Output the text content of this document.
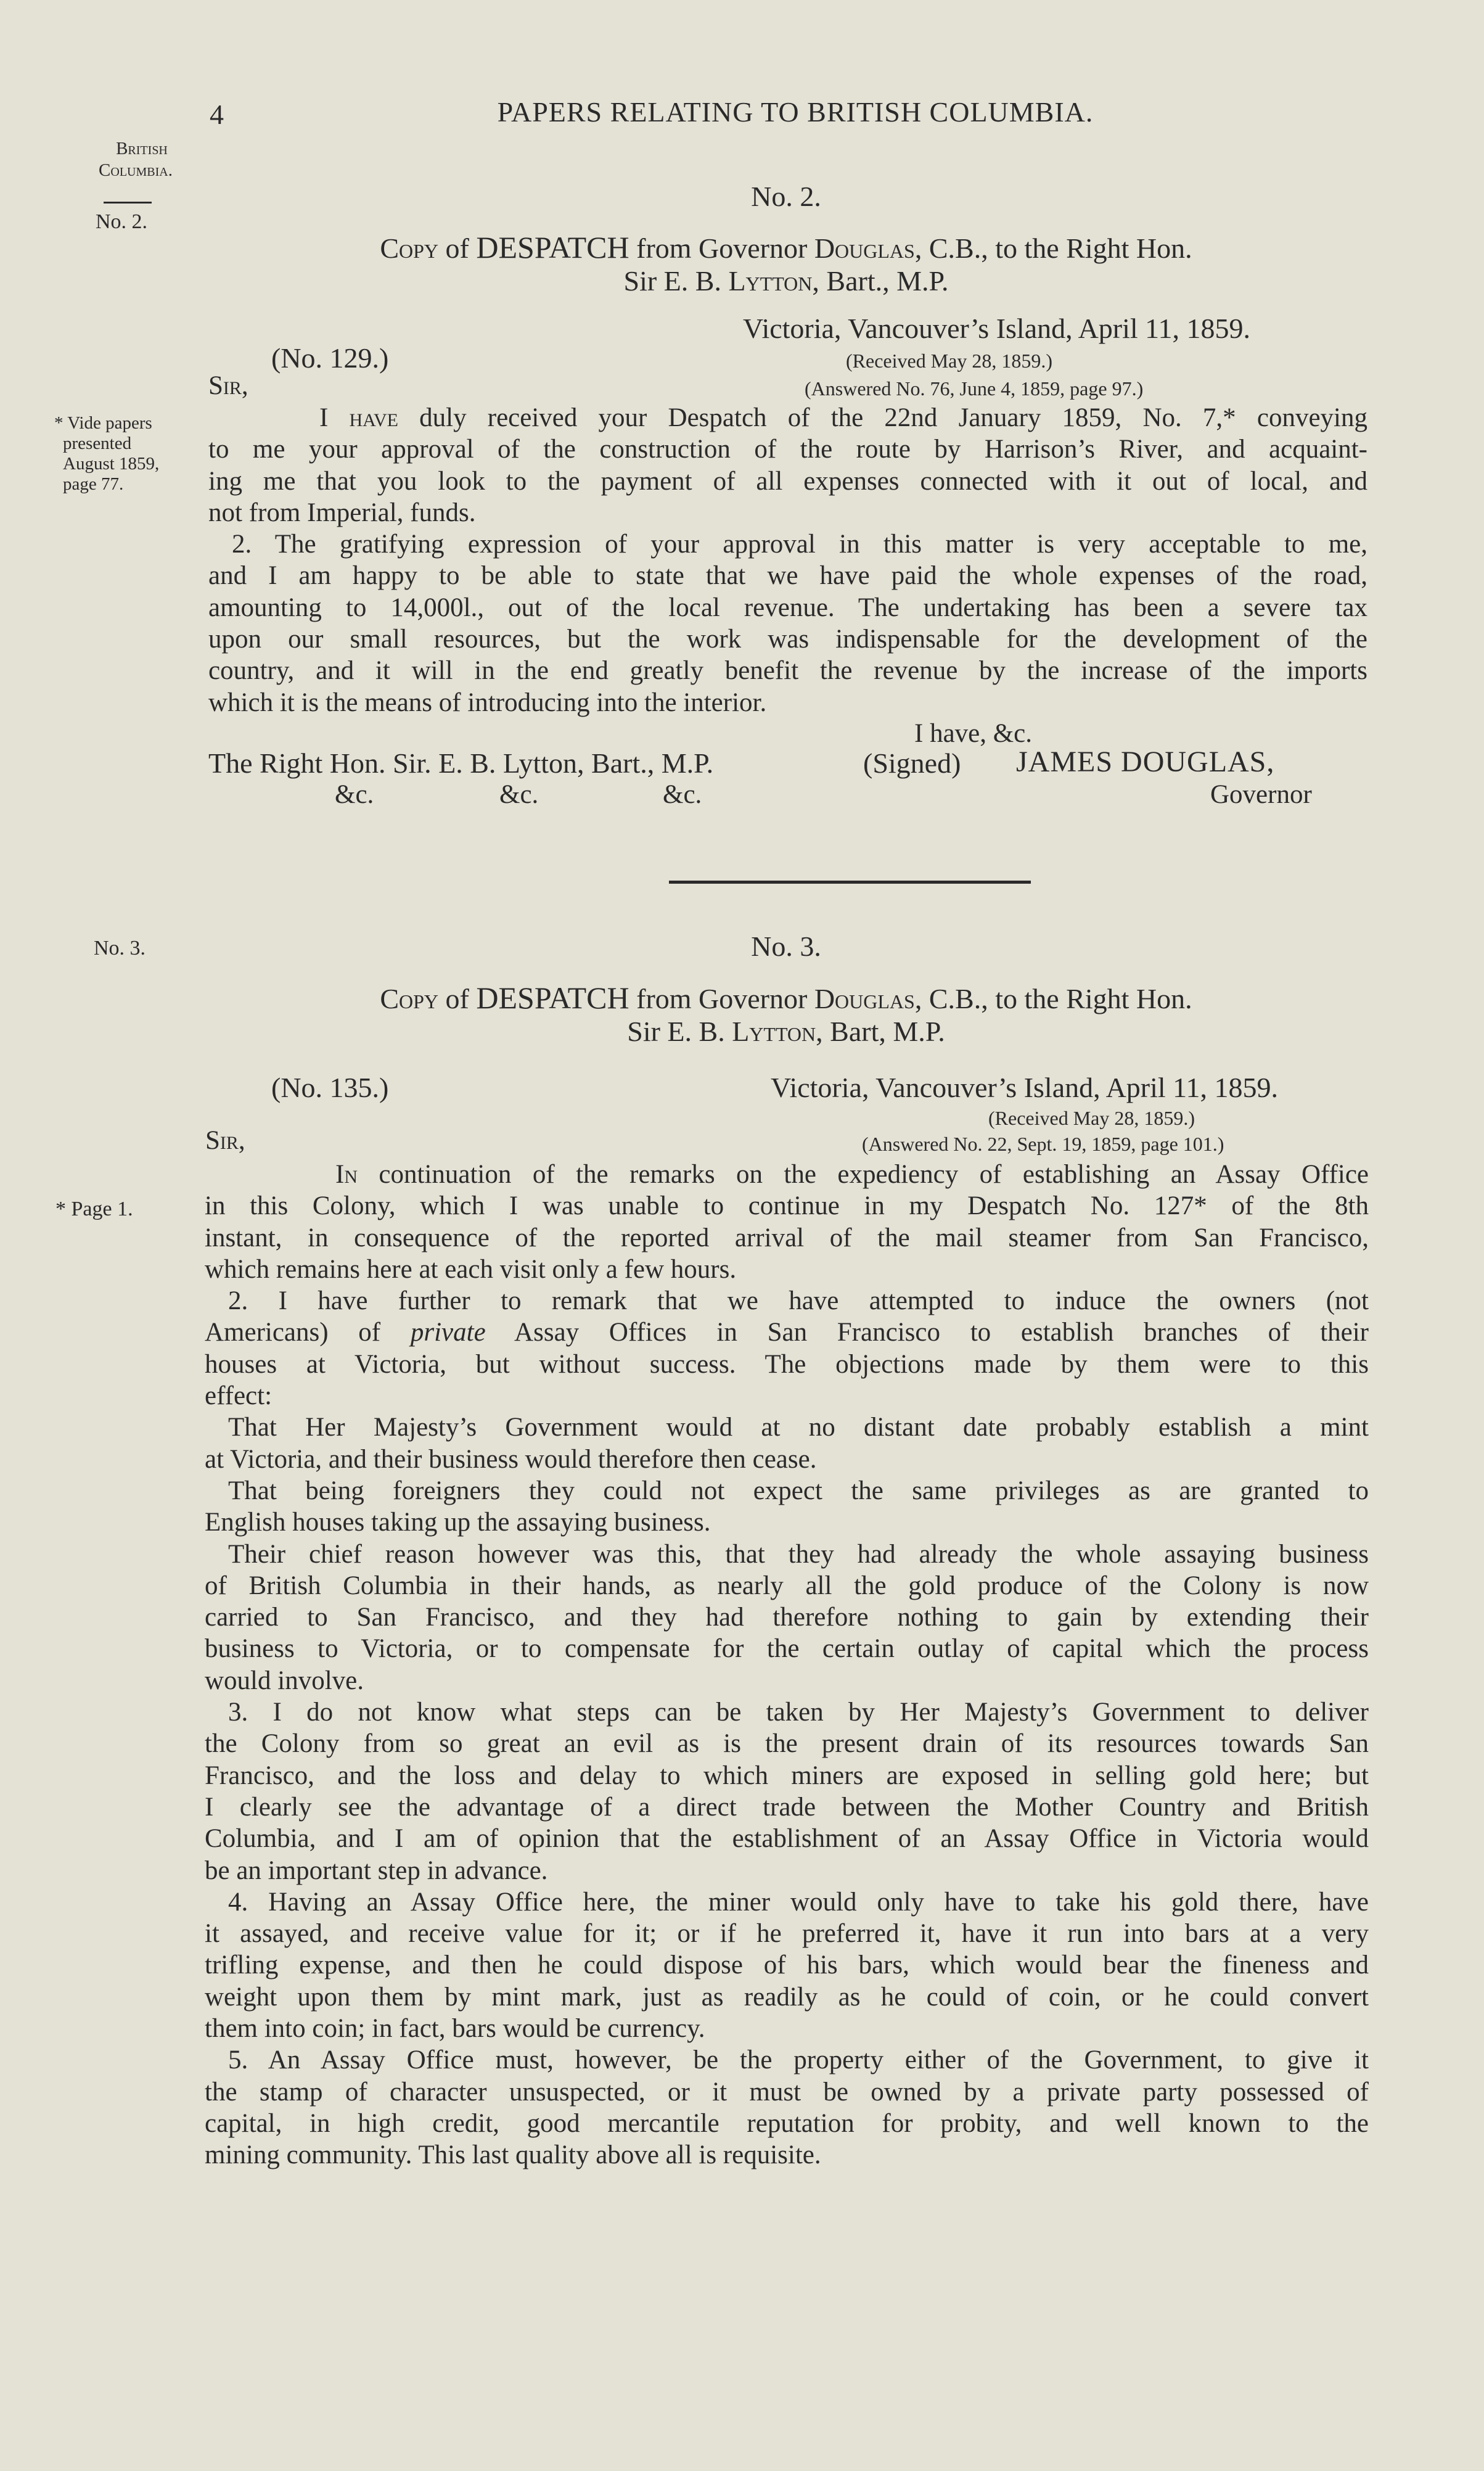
4	PAPERS RELATING TO BRITISH COLUMBIA.
British
Columbia.
No. 2.
* Vide papers
presented
August 1859,
page 77.
No. 3.
* Page 1.
No. 2.
Copy of DESPATCH from Governor Douglas, C.B., to the Right Hon.
Sir E. B. Lytton, Bart., M.P.
Victoria, Vancouver’s Island, April 11, 1859.
(No. 129.)	(Received May 28, 1859.)
Sir,	(Answered No. 76, June 4, 1859, page 97.)
I have duly received your Despatch of the 22nd January 1859, No. 7,* conveying
to me your approval of the construction of the route by Harrison’s River, and acquaint-
ing me that you look to the payment of all expenses connected with it out of local, and
not from Imperial, funds.
2. The gratifying expression of your approval in this matter is very acceptable to me,
and I am happy to be able to state that we have paid the whole expenses of the road,
amounting to 14,000l., out of the local revenue. The undertaking has been a severe tax
upon our small resources, but the work was indispensable for the development of the
country, and it will in the end greatly benefit the revenue by the increase of the imports
which it is the means of introducing into the interior.
I have, &c.
The Right Hon. Sir. E. B. Lytton, Bart., M.P.	(Signed) JAMES DOUGLAS,
&c.	&c.	&c.	Governor
No. 3.
Copy of DESPATCH from Governor Douglas, C.B., to the Right Hon.
Sir E. B. Lytton, Bart, M.P.
(No. 135.)	Victoria, Vancouver’s Island, April 11, 1859.
(Received May 28, 1859.)
Sir,	(Answered No. 22, Sept. 19, 1859, page 101.)
In continuation of the remarks on the expediency of establishing an Assay Office
in this Colony, which I was unable to continue in my Despatch No. 127* of the 8th
instant, in consequence of the reported arrival of the mail steamer from San Francisco,
which remains here at each visit only a few hours.
2. I have further to remark that we have attempted to induce the owners (not
Americans) of private Assay Offices in San Francisco to establish branches of their
houses at Victoria, but without success. The objections made by them were to this
effect:
That Her Majesty’s Government would at no distant date probably establish a mint
at Victoria, and their business would therefore then cease.
That being foreigners they could not expect the same privileges as are granted to
English houses taking up the assaying business.
Their chief reason however was this, that they had already the whole assaying business
of British Columbia in their hands, as nearly all the gold produce of the Colony is now
carried to San Francisco, and they had therefore nothing to gain by extending their
business to Victoria, or to compensate for the certain outlay of capital which the process
would involve.
3. I do not know what steps can be taken by Her Majesty’s Government to deliver
the Colony from so great an evil as is the present drain of its resources towards San
Francisco, and the loss and delay to which miners are exposed in selling gold here; but
I clearly see the advantage of a direct trade between the Mother Country and British
Columbia, and I am of opinion that the establishment of an Assay Office in Victoria would
be an important step in advance.
4. Having an Assay Office here, the miner would only have to take his gold there, have
it assayed, and receive value for it; or if he preferred it, have it run into bars at a very
trifling expense, and then he could dispose of his bars, which would bear the fineness and
weight upon them by mint mark, just as readily as he could of coin, or he could convert
them into coin; in fact, bars would be currency.
5. An Assay Office must, however, be the property either of the Government, to give it
the stamp of character unsuspected, or it must be owned by a private party possessed of
capital, in high credit, good mercantile reputation for probity, and well known to the
mining community. This last quality above all is requisite.
